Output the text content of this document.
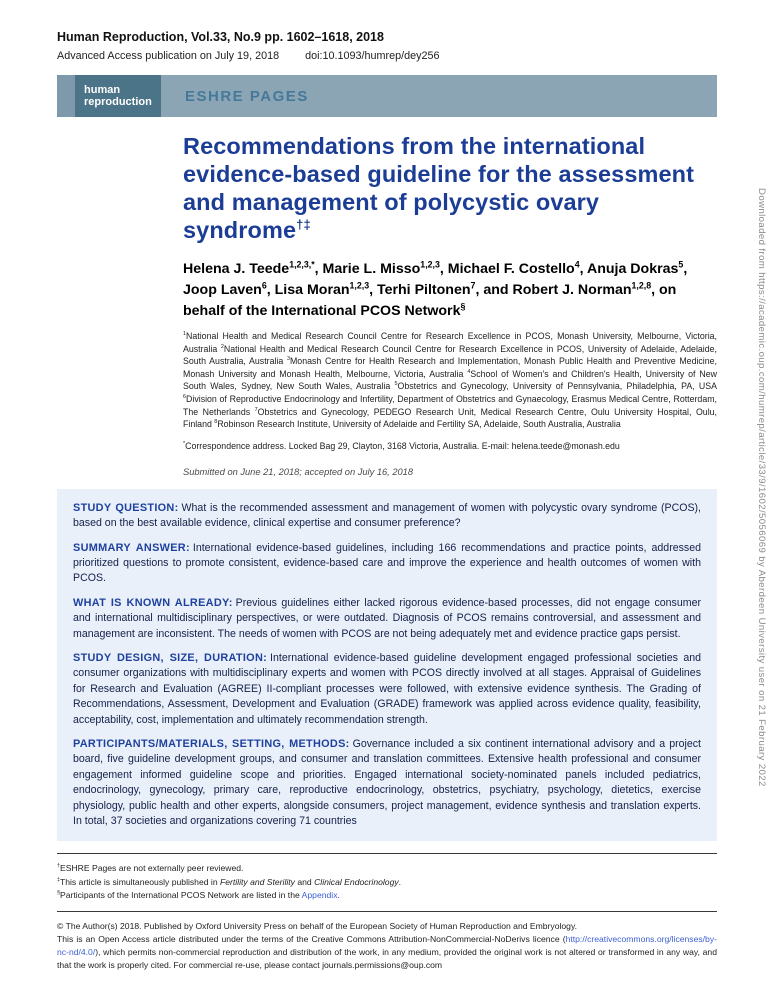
Human Reproduction, Vol.33, No.9 pp. 1602–1618, 2018
Advanced Access publication on July 19, 2018 doi:10.1093/humrep/dey256
human
reproduction	ESHRE PAGES
Recommendations from the international evidence-based guideline for the assessment and management of polycystic ovary syndrome†‡
Helena J. Teede$^{1,2,3,*}$, Marie L. Misso$^{1,2,3}$, Michael F. Costello$^4$, Anuja Dokras$^5$, Joop Laven$^6$, Lisa Moran$^{1,2,3}$, Terhi Piltonen$^7$, and Robert J. Norman$^{1,2,8}$, on behalf of the International PCOS Network§
$^1$National Health and Medical Research Council Centre for Research Excellence in PCOS, Monash University, Melbourne, Victoria, Australia $^2$National Health and Medical Research Council Centre for Research Excellence in PCOS, University of Adelaide, Adelaide, South Australia, Australia $^3$Monash Centre for Health Research and Implementation, Monash Public Health and Preventive Medicine, Monash University and Monash Health, Melbourne, Victoria, Australia $^4$School of Women's and Children's Health, University of New South Wales, Sydney, New South Wales, Australia $^5$Obstetrics and Gynecology, University of Pennsylvania, Philadelphia, PA, USA $^6$Division of Reproductive Endocrinology and Infertility, Department of Obstetrics and Gynaecology, Erasmus Medical Centre, Rotterdam, The Netherlands $^7$Obstetrics and Gynecology, PEDEGO Research Unit, Medical Research Centre, Oulu University Hospital, Oulu, Finland $^8$Robinson Research Institute, University of Adelaide and Fertility SA, Adelaide, South Australia, Australia
*Correspondence address. Locked Bag 29, Clayton, 3168 Victoria, Australia. E-mail: helena.teede@monash.edu
Submitted on June 21, 2018; accepted on July 16, 2018

STUDY QUESTION: What is the recommended assessment and management of women with polycystic ovary syndrome (PCOS), based on the best available evidence, clinical expertise and consumer preference?

SUMMARY ANSWER: International evidence-based guidelines, including 166 recommendations and practice points, addressed prioritized questions to promote consistent, evidence-based care and improve the experience and health outcomes of women with PCOS.

WHAT IS KNOWN ALREADY: Previous guidelines either lacked rigorous evidence-based processes, did not engage consumer and international multidisciplinary perspectives, or were outdated. Diagnosis of PCOS remains controversial, and assessment and management are inconsistent. The needs of women with PCOS are not being adequately met and evidence practice gaps persist.

STUDY DESIGN, SIZE, DURATION: International evidence-based guideline development engaged professional societies and consumer organizations with multidisciplinary experts and women with PCOS directly involved at all stages. Appraisal of Guidelines for Research and Evaluation (AGREE) II-compliant processes were followed, with extensive evidence synthesis. The Grading of Recommendations, Assessment, Development and Evaluation (GRADE) framework was applied across evidence quality, feasibility, acceptability, cost, implementation and ultimately recommendation strength.

PARTICIPANTS/MATERIALS, SETTING, METHODS: Governance included a six continent international advisory and a project board, five guideline development groups, and consumer and translation committees. Extensive health professional and consumer engagement informed guideline scope and priorities. Engaged international society-nominated panels included pediatrics, endocrinology, gynecology, primary care, reproductive endocrinology, obstetrics, psychiatry, psychology, dietetics, exercise physiology, public health and other experts, alongside consumers, project management, evidence synthesis and translation experts. In total, 37 societies and organizations covering 71 countries

†ESHRE Pages are not externally peer reviewed.
‡This article is simultaneously published in Fertility and Sterility and Clinical Endocrinology.
§Participants of the International PCOS Network are listed in the Appendix.

© The Author(s) 2018. Published by Oxford University Press on behalf of the European Society of Human Reproduction and Embryology.

This is an Open Access article distributed under the terms of the Creative Commons Attribution-NonCommercial-NoDerivs licence (http://creativecommons.org/licenses/by-nc-nd/4.0/), which permits non-commercial reproduction and distribution of the work, in any medium, provided the original work is not altered or transformed in any way, and that the work is properly cited. For commercial re-use, please contact journals.permissions@oup.com

Downloaded from https://academic.oup.com/humrep/article/33/9/1602/5056069 by Aberdeen University user on 21 February 2022
